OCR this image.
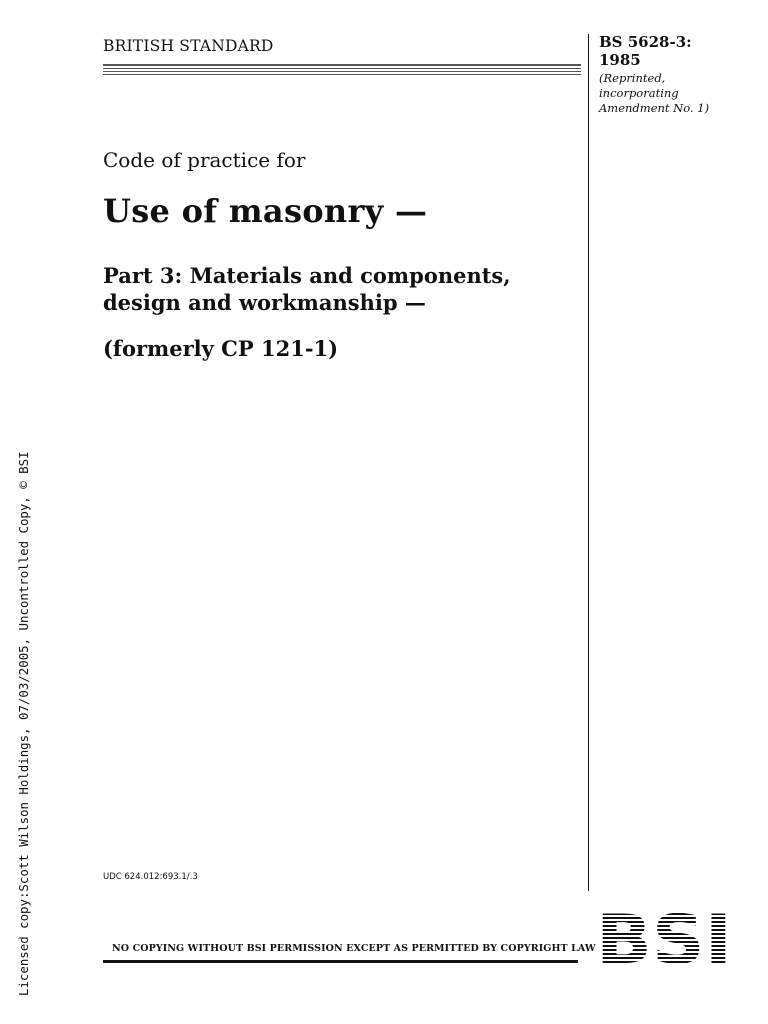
BRITISH STANDARD	BS 5628-3:
1985
(Reprinted,
incorporating
Amendment No. 1)
Code of practice for
Use of masonry —
Part 3: Materials and components,
design and workmanship —
(formerly CP 121-1)
UDC 624.012:693.1/.3
NO COPYING WITHOUT BSI PERMISSION EXCEPT AS PERMITTED BY COPYRIGHT LAW BSI
Licensed copy:Scott Wilson Holdings, 07/03/2005, Uncontrolled Copy, © BSI
